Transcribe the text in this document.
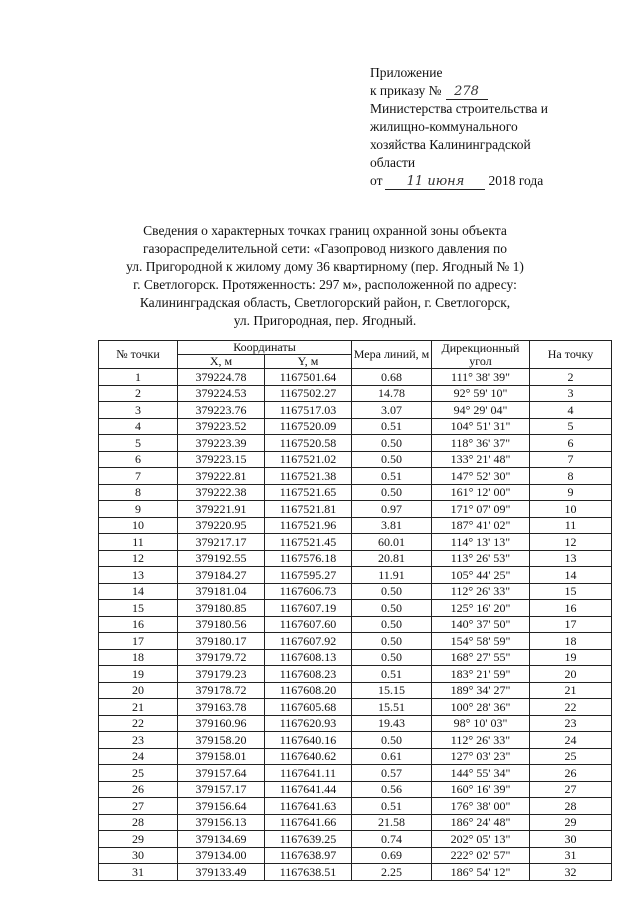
Приложение
к приказу № 278
Министерства строительства и
жилищно-коммунального
хозяйства Калининградской
области
от 11 июня 2018 года
Сведения о характерных точках границ охранной зоны объекта
газораспределительной сети: «Газопровод низкого давления по
ул. Пригородной к жилому дому 36 квартирному (пер. Ягодный № 1)
г. Светлогорск. Протяженность: 297 м», расположенной по адресу:
Калининградская область, Светлогорский район, г. Светлогорск,
ул. Пригородная, пер. Ягодный.
№ точки	Координаты		Мера линий, м	Дирекционный угол	На точку
	X, м	Y, м			
1	379224.78	1167501.64	0.68	111° 38' 39"	2
2	379224.53	1167502.27	14.78	92° 59' 10"	3
3	379223.76	1167517.03	3.07	94° 29' 04"	4
4	379223.52	1167520.09	0.51	104° 51' 31"	5
5	379223.39	1167520.58	0.50	118° 36' 37"	6
6	379223.15	1167521.02	0.50	133° 21' 48"	7
7	379222.81	1167521.38	0.51	147° 52' 30"	8
8	379222.38	1167521.65	0.50	161° 12' 00"	9
9	379221.91	1167521.81	0.97	171° 07' 09"	10
10	379220.95	1167521.96	3.81	187° 41' 02"	11
11	379217.17	1167521.45	60.01	114° 13' 13"	12
12	379192.55	1167576.18	20.81	113° 26' 53"	13
13	379184.27	1167595.27	11.91	105° 44' 25"	14
14	379181.04	1167606.73	0.50	112° 26' 33"	15
15	379180.85	1167607.19	0.50	125° 16' 20"	16
16	379180.56	1167607.60	0.50	140° 37' 50"	17
17	379180.17	1167607.92	0.50	154° 58' 59"	18
18	379179.72	1167608.13	0.50	168° 27' 55"	19
19	379179.23	1167608.23	0.51	183° 21' 59"	20
20	379178.72	1167608.20	15.15	189° 34' 27"	21
21	379163.78	1167605.68	15.51	100° 28' 36"	22
22	379160.96	1167620.93	19.43	98° 10' 03"	23
23	379158.20	1167640.16	0.50	112° 26' 33"	24
24	379158.01	1167640.62	0.61	127° 03' 23"	25
25	379157.64	1167641.11	0.57	144° 55' 34"	26
26	379157.17	1167641.44	0.56	160° 16' 39"	27
27	379156.64	1167641.63	0.51	176° 38' 00"	28
28	379156.13	1167641.66	21.58	186° 24' 48"	29
29	379134.69	1167639.25	0.74	202° 05' 13"	30
30	379134.00	1167638.97	0.69	222° 02' 57"	31
31	379133.49	1167638.51	2.25	186° 54' 12"	32
